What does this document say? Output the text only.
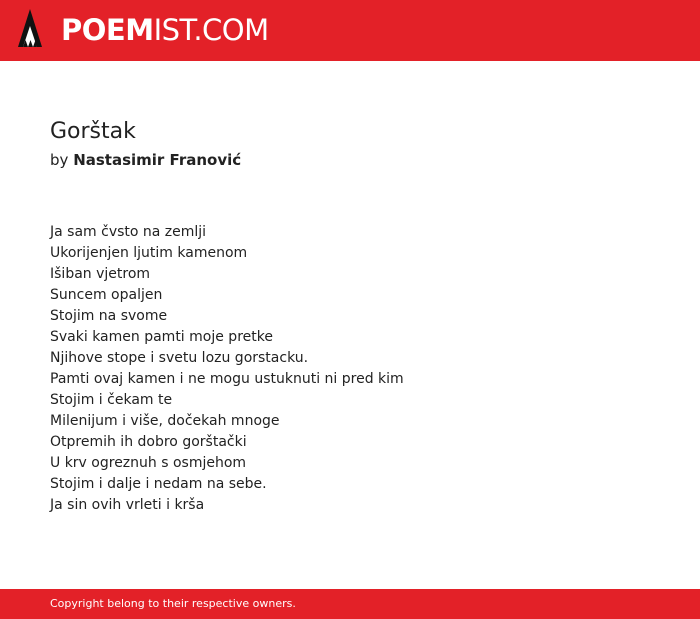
POEMIST.COM
Gorštak
by Nastasimir Franović
Ja sam čvsto na zemlji
Ukorijenjen ljutim kamenom
Išiban vjetrom
Suncem opaljen
Stojim na svome
Svaki kamen pamti moje pretke
Njihove stope i svetu lozu gorstacku.
Pamti ovaj kamen i ne mogu ustuknuti ni pred kim
Stojim i čekam te
Milenijum i više, dočekah mnoge
Otpremih ih dobro gorštački
U krv ogreznuh s osmjehom
Stojim i dalje i nedam na sebe.
Ja sin ovih vrleti i krša
Copyright belong to their respective owners.
